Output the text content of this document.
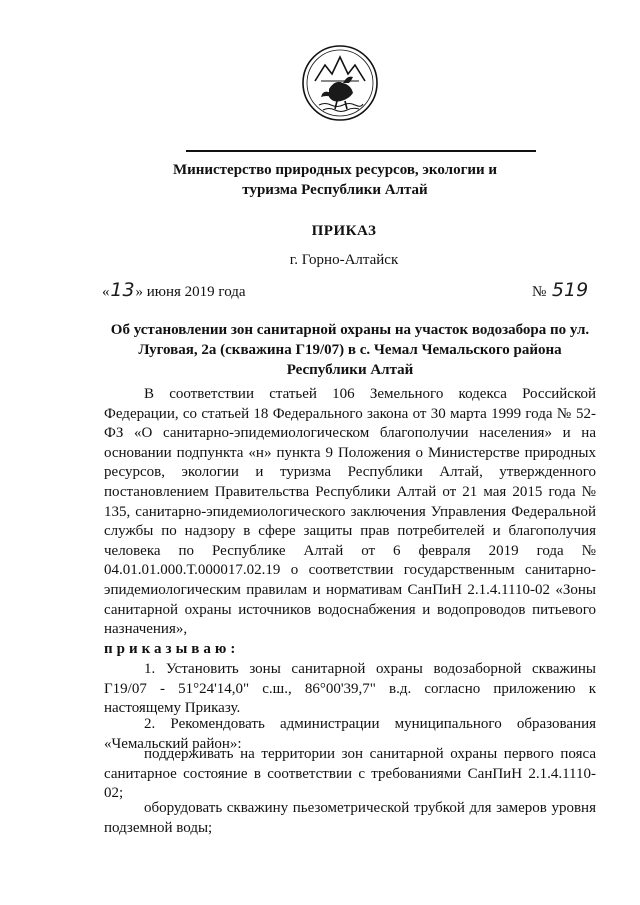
Министерство природных ресурсов, экологии и туризма Республики Алтай
ПРИКАЗ
г. Горно-Алтайск
«13» июня 2019 года	№ 519
Об установлении зон санитарной охраны на участок водозабора по ул. Луговая, 2а (скважина Г19/07) в с. Чемал Чемальского района Республики Алтай

В соответствии статьей 106 Земельного кодекса Российской Федерации, со статьей 18 Федерального закона от 30 марта 1999 года № 52-ФЗ «О санитарно-эпидемиологическом благополучии населения» и на основании подпункта «н» пункта 9 Положения о Министерстве природных ресурсов, экологии и туризма Республики Алтай, утвержденного постановлением Правительства Республики Алтай от 21 мая 2015 года № 135, санитарно-эпидемиологического заключения Управления Федеральной службы по надзору в сфере защиты прав потребителей и благополучия человека по Республике Алтай от 6 февраля 2019 года № 04.01.01.000.Т.000017.02.19 о соответствии государственным санитарно-эпидемиологическим правилам и нормативам СанПиН 2.1.4.1110-02 «Зоны санитарной охраны источников водоснабжения и водопроводов питьевого назначения»,

приказываю:

1. Установить зоны санитарной охраны водозаборной скважины Г19/07 - 51°24'14,0" с.ш., 86°00'39,7" в.д. согласно приложению к настоящему Приказу.

2. Рекомендовать администрации муниципального образования «Чемальский район»:

поддерживать на территории зон санитарной охраны первого пояса санитарное состояние в соответствии с требованиями СанПиН 2.1.4.1110-02;

оборудовать скважину пьезометрической трубкой для замеров уровня подземной воды;
